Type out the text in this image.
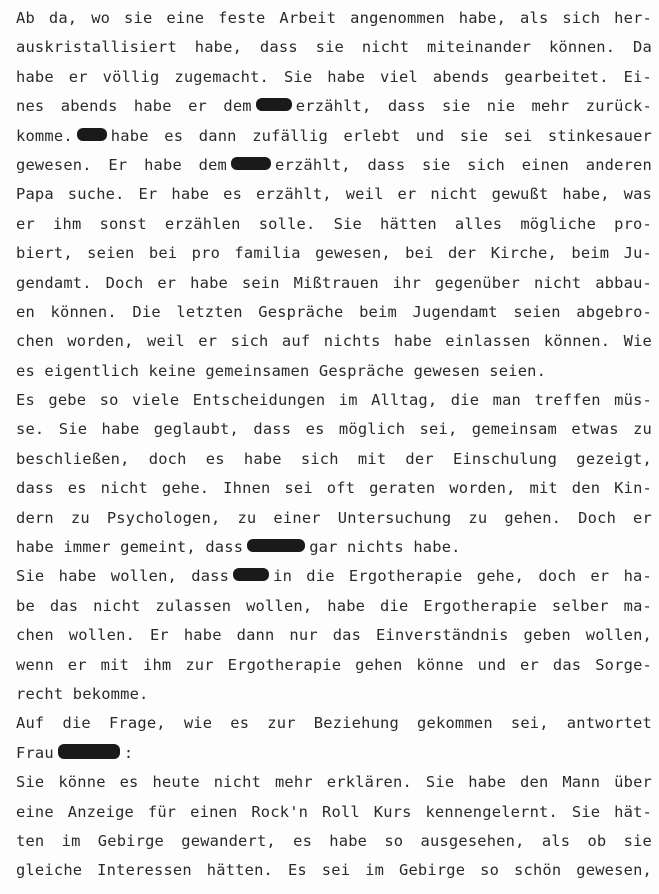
Ab da, wo sie eine feste Arbeit angenommen habe, als sich her-
auskristallisiert habe, dass sie nicht miteinander können. Da
habe er völlig zugemacht. Sie habe viel abends gearbeitet. Ei-
nes abends habe er dem	erzählt, dass sie nie mehr zurück-
komme. habe es dann zufällig erlebt und sie sei stinkesauer
gewesen. Er habe dem	erzählt, dass sie sich einen anderen
Papa suche. Er habe es erzählt, weil er nicht gewußt habe, was
er ihm sonst erzählen solle. Sie hätten alles mögliche pro-
biert, seien bei pro familia gewesen, bei der Kirche, beim Ju-
gendamt. Doch er habe sein Mißtrauen ihr gegenüber nicht abbau-
en können. Die letzten Gespräche beim Jugendamt seien abgebro-
chen worden, weil er sich auf nichts habe einlassen können. Wie
es eigentlich keine gemeinsamen Gespräche gewesen seien.
Es gebe so viele Entscheidungen im Alltag, die man treffen müs-
se. Sie habe geglaubt, dass es möglich sei, gemeinsam etwas zu
beschließen, doch es habe sich mit der Einschulung gezeigt,
dass es nicht gehe. Ihnen sei oft geraten worden, mit den Kin-
dern zu Psychologen, zu einer Untersuchung zu gehen. Doch er
habe immer gemeint, dass	gar nichts habe.
Sie habe wollen, dass	in die Ergotherapie gehe, doch er ha-
be das nicht zulassen wollen, habe die Ergotherapie selber ma-
chen wollen. Er habe dann nur das Einverständnis geben wollen,
wenn er mit ihm zur Ergotherapie gehen könne und er das Sorge-
recht bekomme.
Auf die Frage, wie es zur Beziehung gekommen sei, antwortet
Frau	:
Sie könne es heute nicht mehr erklären. Sie habe den Mann über
eine Anzeige für einen Rock'n Roll Kurs kennengelernt. Sie hät-
ten im Gebirge gewandert, es habe so ausgesehen, als ob sie
gleiche Interessen hätten. Es sei im Gebirge so schön gewesen,
